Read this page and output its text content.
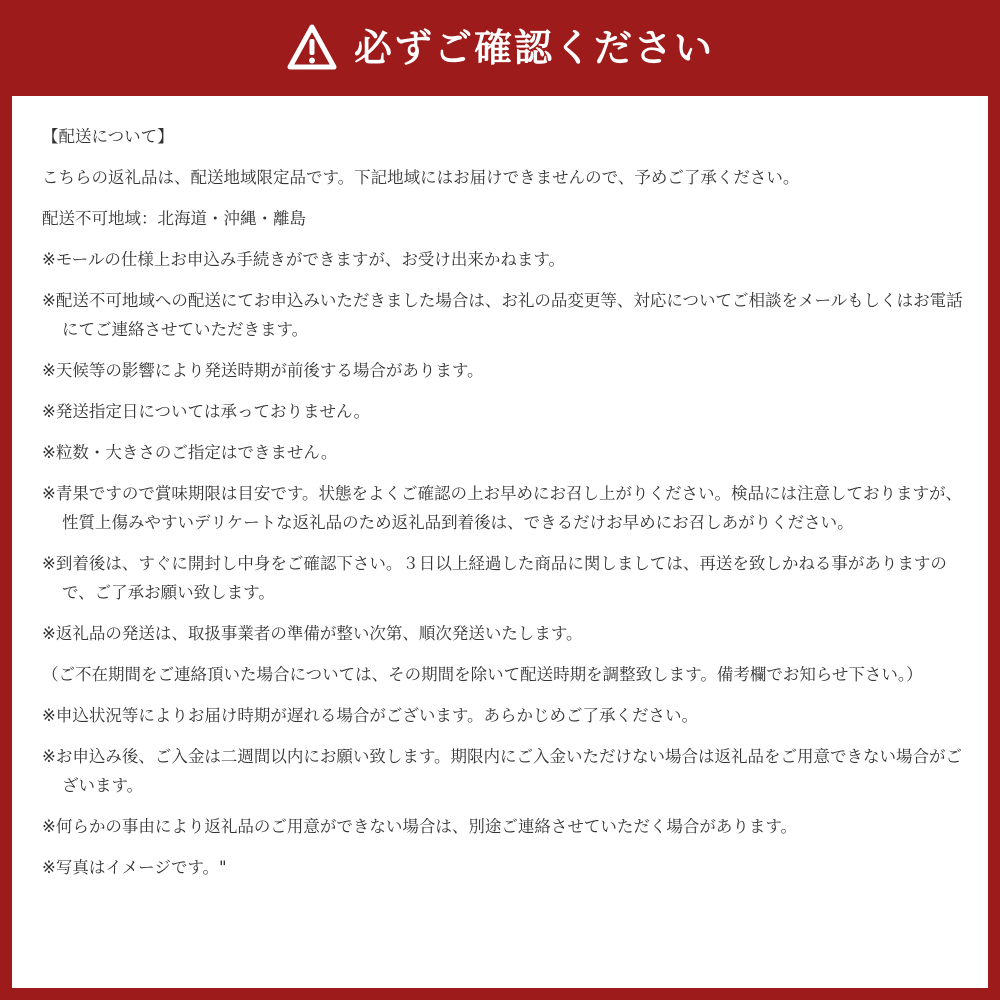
必ずご確認ください

【配送について】

こちらの返礼品は、配送地域限定品です。下記地域にはお届けできませんので、予めご了承ください。

配送不可地域：北海道・沖縄・離島

※モールの仕様上お申込み手続きができますが、お受け出来かねます。

※配送不可地域への配送にてお申込みいただきました場合は、お礼の品変更等、対応についてご相談をメールもしくはお電話にてご連絡させていただきます。

※天候等の影響により発送時期が前後する場合があります。

※発送指定日については承っておりません。

※粒数・大きさのご指定はできません。

※青果ですので賞味期限は目安です。状態をよくご確認の上お早めにお召し上がりください。検品には注意しておりますが、性質上傷みやすいデリケートな返礼品のため返礼品到着後は、できるだけお早めにお召しあがりください。

※到着後は、すぐに開封し中身をご確認下さい。３日以上経過した商品に関しましては、再送を致しかねる事がありますので、ご了承お願い致します。

※返礼品の発送は、取扱事業者の準備が整い次第、順次発送いたします。

（ご不在期間をご連絡頂いた場合については、その期間を除いて配送時期を調整致します。備考欄でお知らせ下さい。）

※申込状況等によりお届け時期が遅れる場合がございます。あらかじめご了承ください。

※お申込み後、ご入金は二週間以内にお願い致します。期限内にご入金いただけない場合は返礼品をご用意できない場合がございます。

※何らかの事由により返礼品のご用意ができない場合は、別途ご連絡させていただく場合があります。

※写真はイメージです。"
